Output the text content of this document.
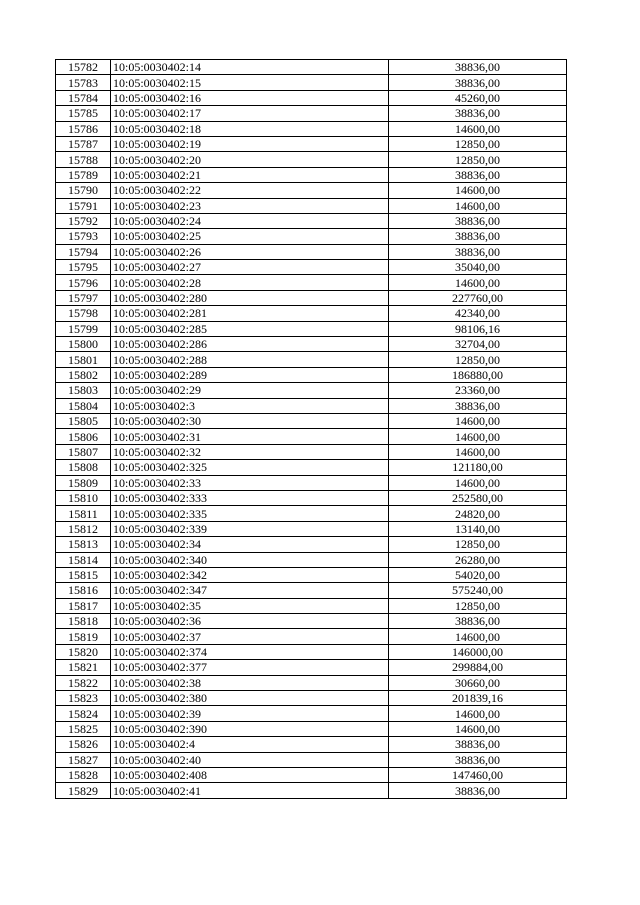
15782	10:05:0030402:14	38836,00
15783	10:05:0030402:15	38836,00
15784	10:05:0030402:16	45260,00
15785	10:05:0030402:17	38836,00
15786	10:05:0030402:18	14600,00
15787	10:05:0030402:19	12850,00
15788	10:05:0030402:20	12850,00
15789	10:05:0030402:21	38836,00
15790	10:05:0030402:22	14600,00
15791	10:05:0030402:23	14600,00
15792	10:05:0030402:24	38836,00
15793	10:05:0030402:25	38836,00
15794	10:05:0030402:26	38836,00
15795	10:05:0030402:27	35040,00
15796	10:05:0030402:28	14600,00
15797	10:05:0030402:280	227760,00
15798	10:05:0030402:281	42340,00
15799	10:05:0030402:285	98106,16
15800	10:05:0030402:286	32704,00
15801	10:05:0030402:288	12850,00
15802	10:05:0030402:289	186880,00
15803	10:05:0030402:29	23360,00
15804	10:05:0030402:3	38836,00
15805	10:05:0030402:30	14600,00
15806	10:05:0030402:31	14600,00
15807	10:05:0030402:32	14600,00
15808	10:05:0030402:325	121180,00
15809	10:05:0030402:33	14600,00
15810	10:05:0030402:333	252580,00
15811	10:05:0030402:335	24820,00
15812	10:05:0030402:339	13140,00
15813	10:05:0030402:34	12850,00
15814	10:05:0030402:340	26280,00
15815	10:05:0030402:342	54020,00
15816	10:05:0030402:347	575240,00
15817	10:05:0030402:35	12850,00
15818	10:05:0030402:36	38836,00
15819	10:05:0030402:37	14600,00
15820	10:05:0030402:374	146000,00
15821	10:05:0030402:377	299884,00
15822	10:05:0030402:38	30660,00
15823	10:05:0030402:380	201839,16
15824	10:05:0030402:39	14600,00
15825	10:05:0030402:390	14600,00
15826	10:05:0030402:4	38836,00
15827	10:05:0030402:40	38836,00
15828	10:05:0030402:408	147460,00
15829	10:05:0030402:41	38836,00
